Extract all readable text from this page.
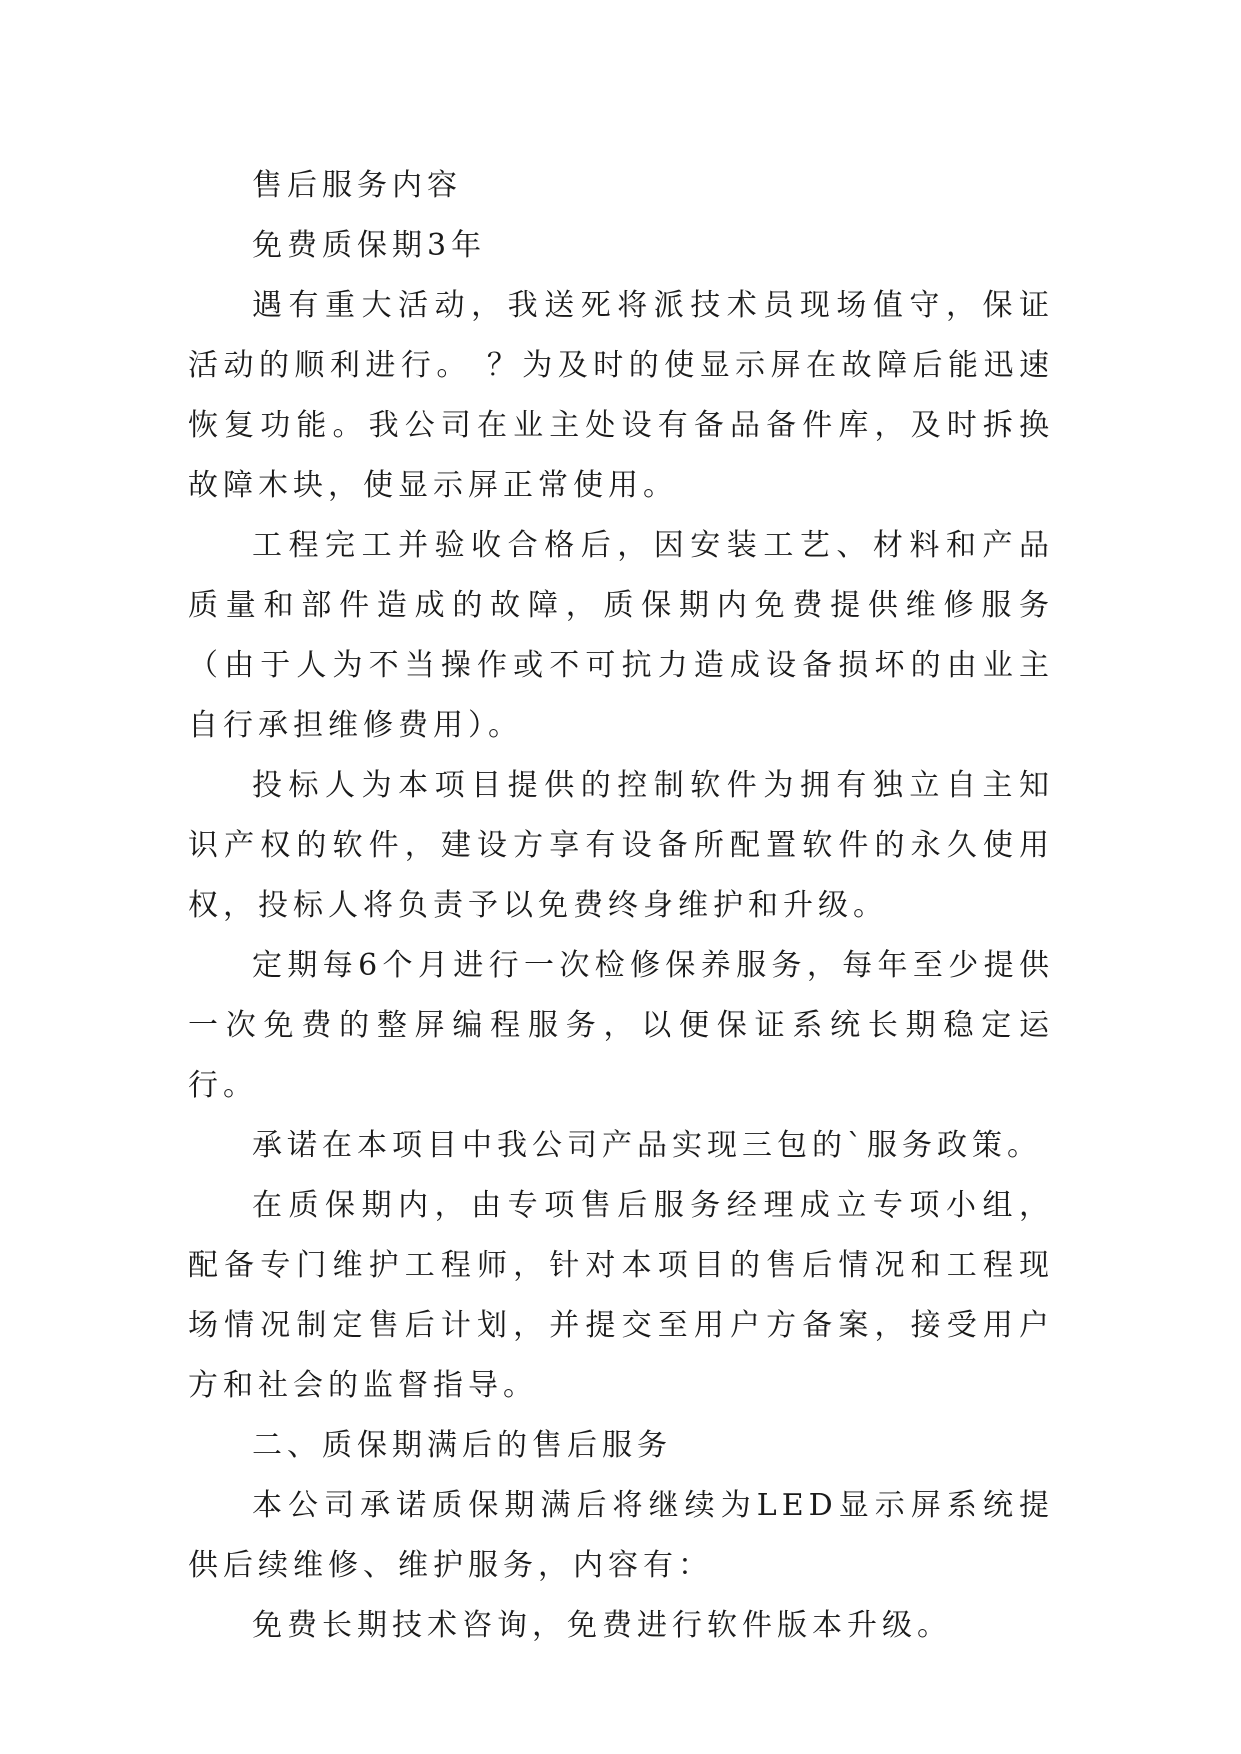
售后服务内容

免费质保期3年

遇有重大活动，我送死将派技术员现场值守，保证活动的顺利进行。 ？为及时的使显示屏在故障后能迅速恢复功能。我公司在业主处设有备品备件库，及时拆换故障木块，使显示屏正常使用。

工程完工并验收合格后，因安装工艺、材料和产品质量和部件造成的故障，质保期内免费提供维修服务（由于人为不当操作或不可抗力造成设备损坏的由业主自行承担维修费用）。

投标人为本项目提供的控制软件为拥有独立自主知识产权的软件，建设方享有设备所配置软件的永久使用权，投标人将负责予以免费终身维护和升级。

定期每6个月进行一次检修保养服务，每年至少提供一次免费的整屏编程服务，以便保证系统长期稳定运行。

承诺在本项目中我公司产品实现三包的`服务政策。

在质保期内，由专项售后服务经理成立专项小组，配备专门维护工程师，针对本项目的售后情况和工程现场情况制定售后计划，并提交至用户方备案，接受用户方和社会的监督指导。

二、质保期满后的售后服务

本公司承诺质保期满后将继续为LED显示屏系统提供后续维修、维护服务，内容有：

免费长期技术咨询，免费进行软件版本升级。
